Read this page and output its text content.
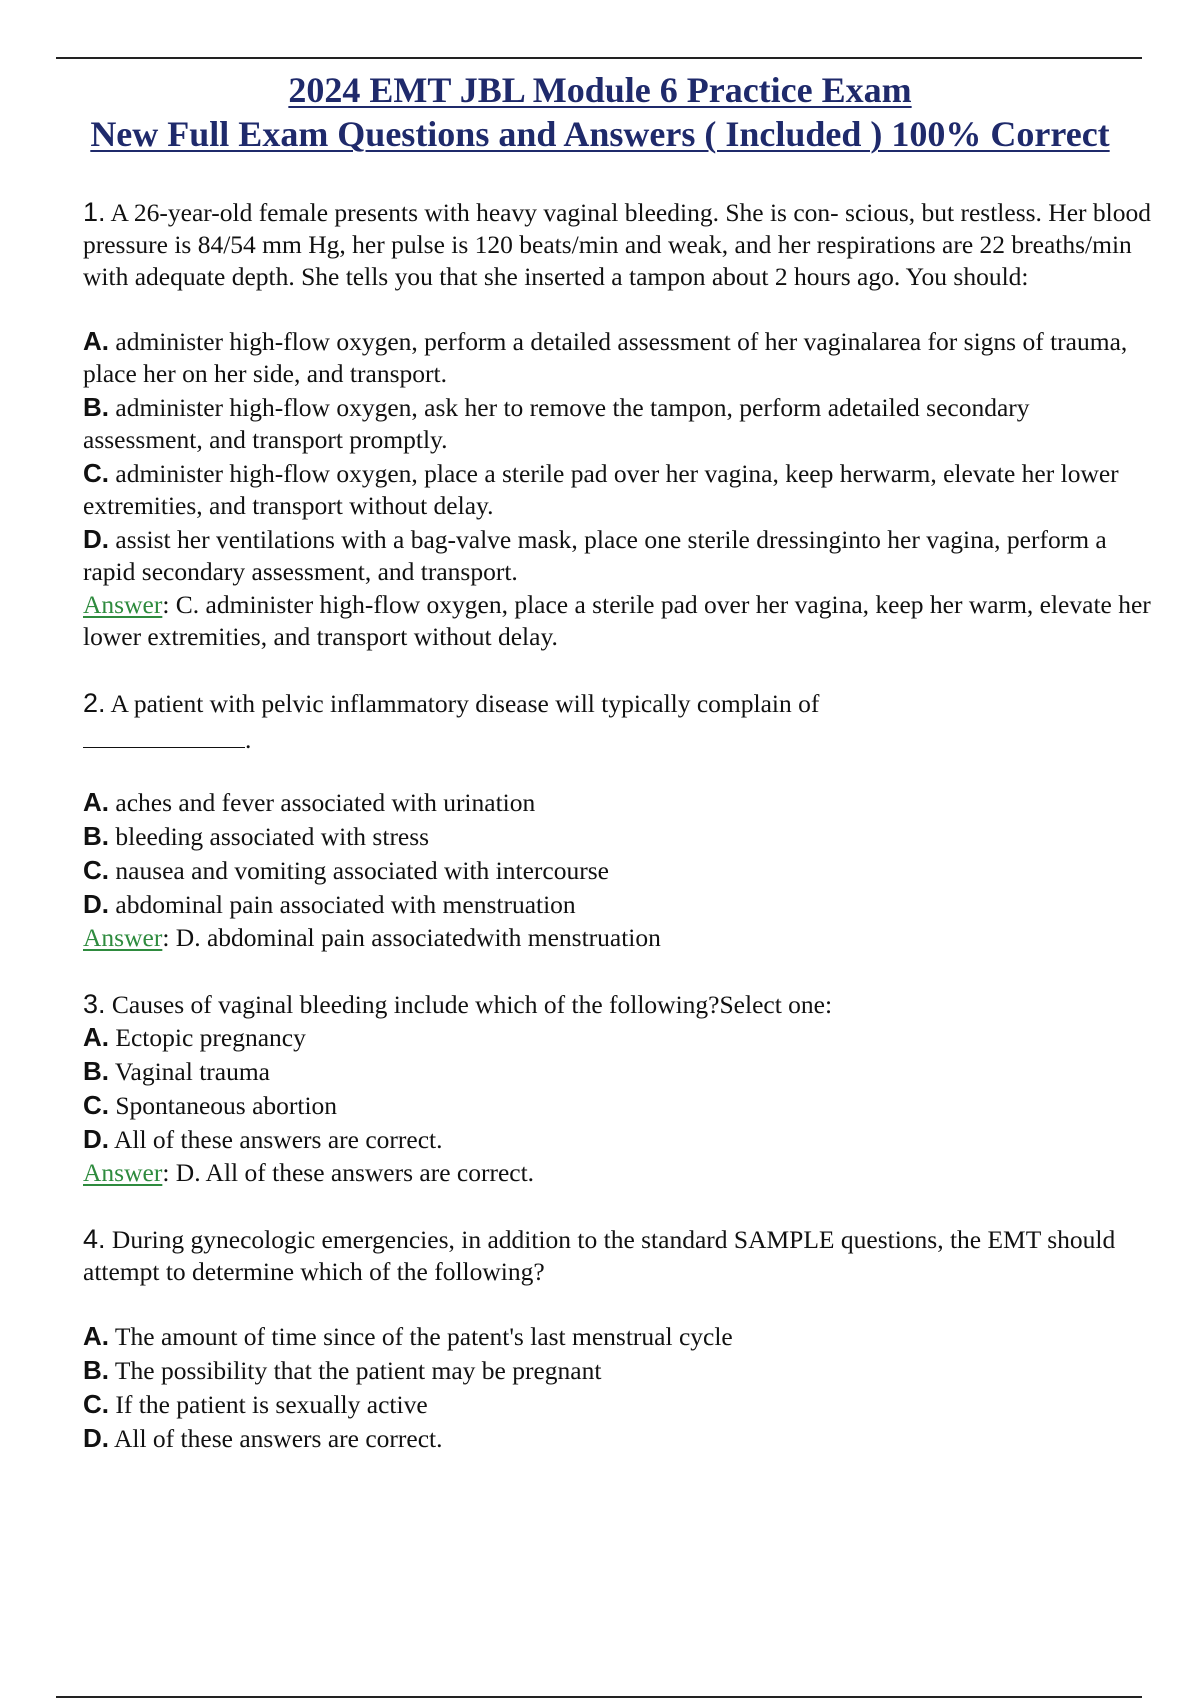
2024 EMT JBL Module 6 Practice Exam
New Full Exam Questions and Answers ( Included ) 100% Correct

1. A 26-year-old female presents with heavy vaginal bleeding. She is con- scious, but restless. Her blood pressure is 84/54 mm Hg, her pulse is 120 beats/min and weak, and her respirations are 22 breaths/min with adequate depth. She tells you that she inserted a tampon about 2 hours ago. You should:

A. administer high-flow oxygen, perform a detailed assessment of her vaginalarea for signs of trauma, place her on her side, and transport.
B. administer high-flow oxygen, ask her to remove the tampon, perform adetailed secondary assessment, and transport promptly.
C. administer high-flow oxygen, place a sterile pad over her vagina, keep herwarm, elevate her lower extremities, and transport without delay.
D. assist her ventilations with a bag-valve mask, place one sterile dressinginto her vagina, perform a rapid secondary assessment, and transport.

Answer: C. administer high-flow oxygen, place a sterile pad over her vagina, keep her warm, elevate her lower extremities, and transport without delay.

2. A patient with pelvic inflammatory disease will typically complain of

.

A. aches and fever associated with urination
B. bleeding associated with stress
C. nausea and vomiting associated with intercourse
D. abdominal pain associated with menstruation

Answer: D. abdominal pain associatedwith menstruation

3. Causes of vaginal bleeding include which of the following?Select one:

A. Ectopic pregnancy
B. Vaginal trauma
C. Spontaneous abortion
D. All of these answers are correct.

Answer: D. All of these answers are correct.

4. During gynecologic emergencies, in addition to the standard SAMPLE questions, the EMT should attempt to determine which of the following?

A. The amount of time since of the patent's last menstrual cycle
B. The possibility that the patient may be pregnant
C. If the patient is sexually active
D. All of these answers are correct.
